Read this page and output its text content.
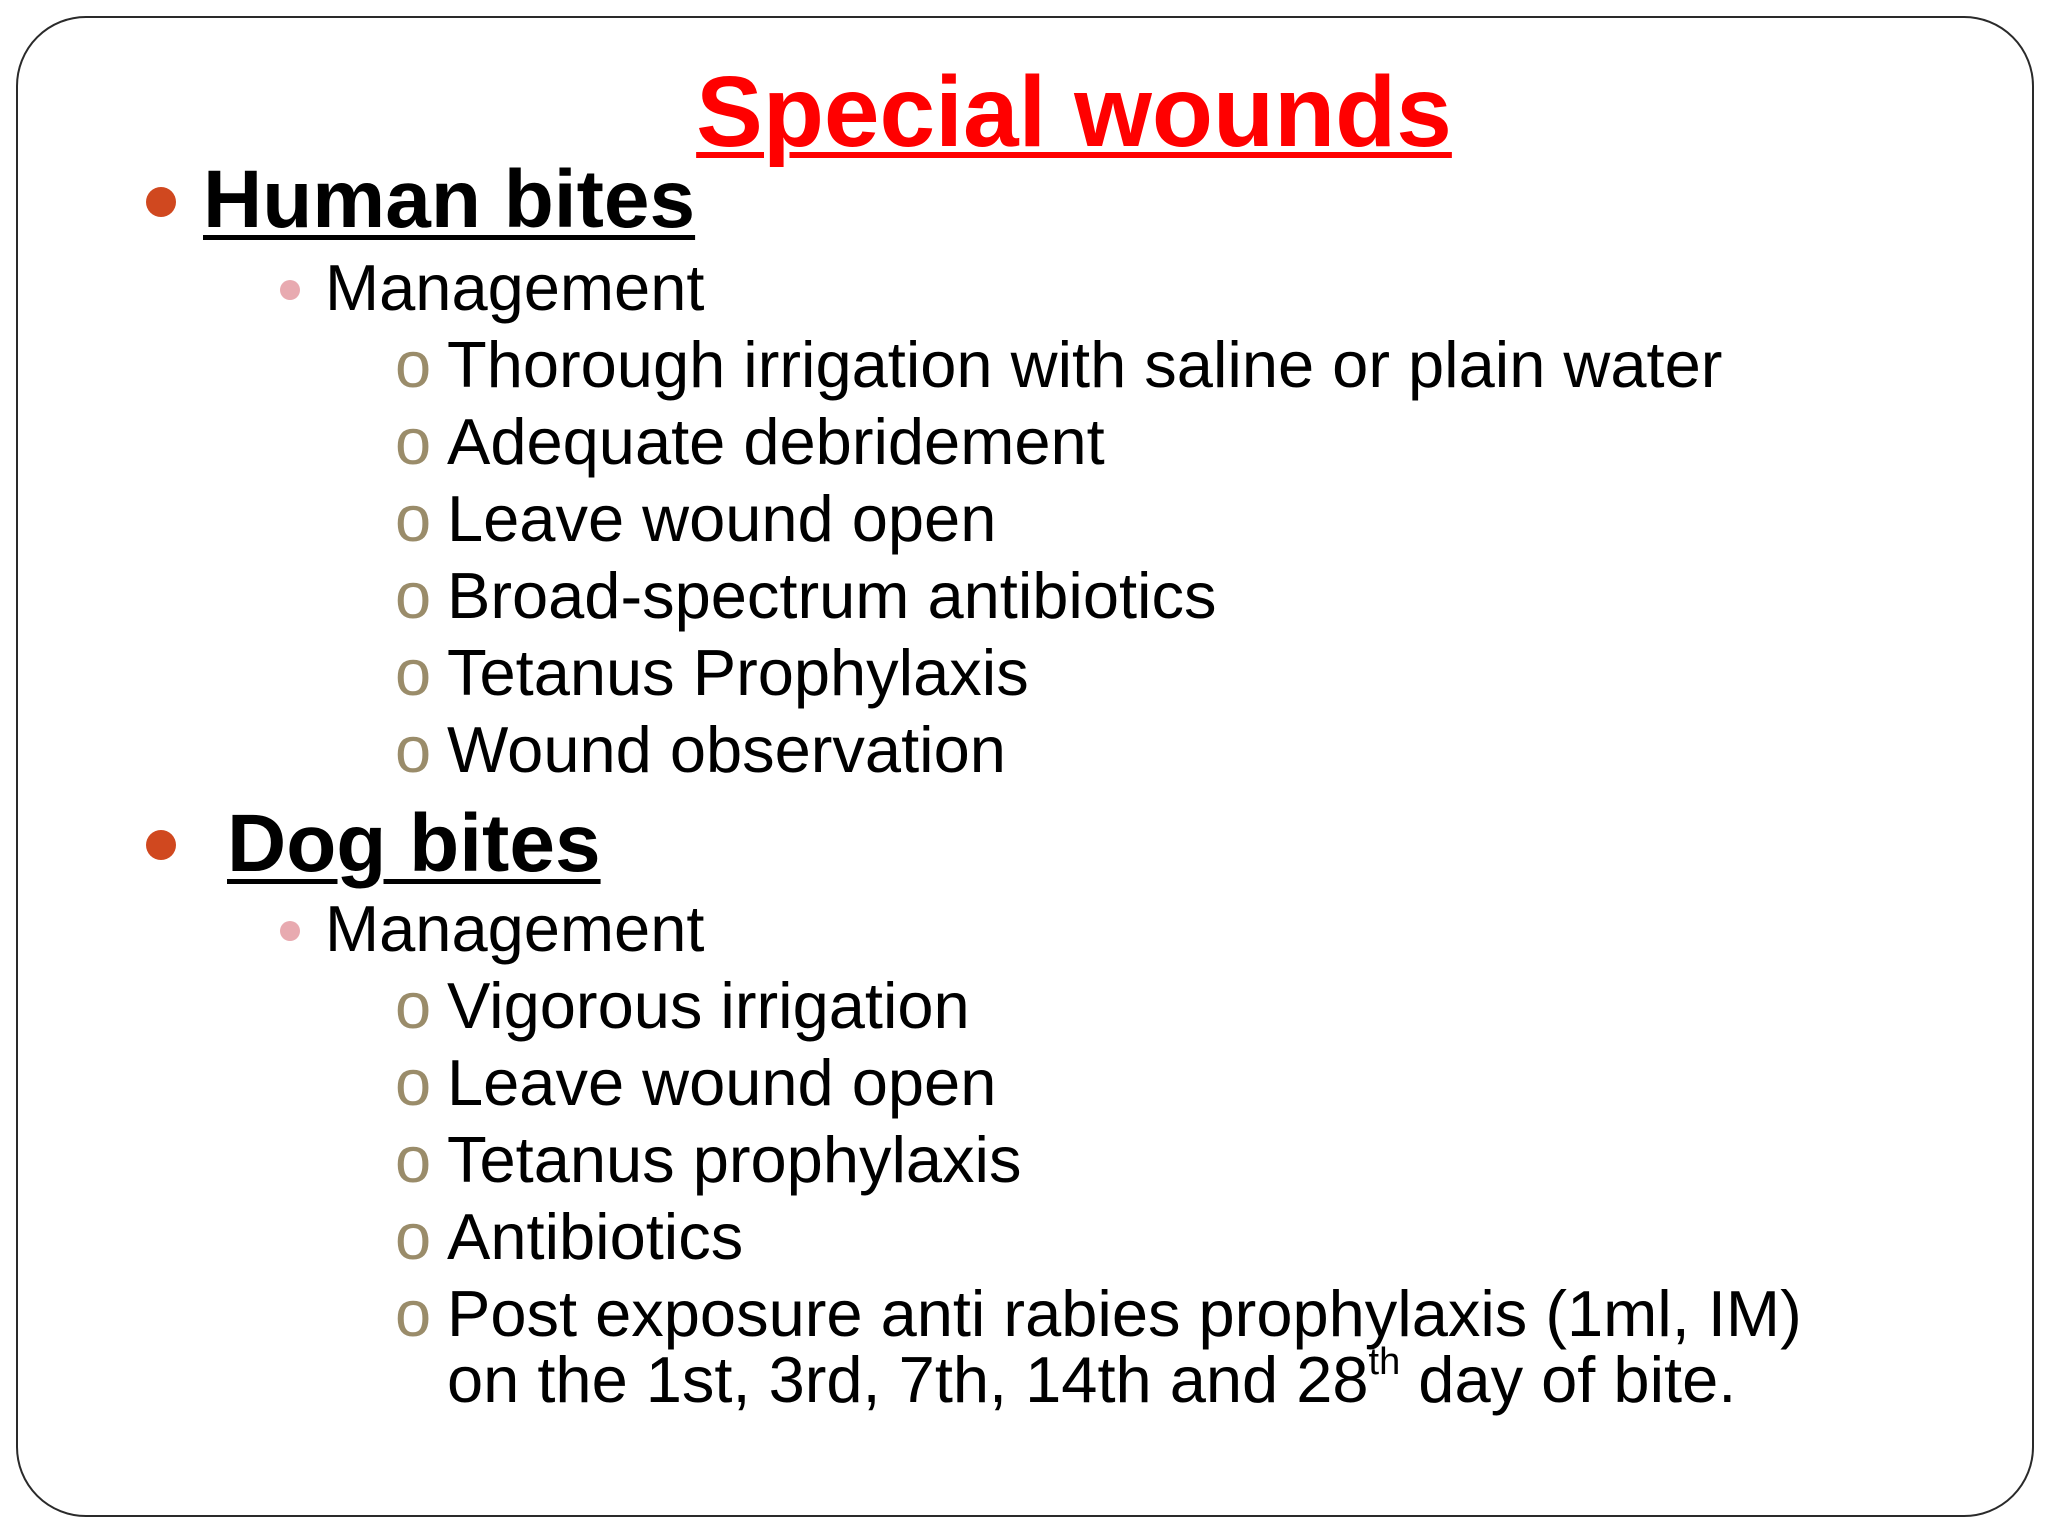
Special wounds
Human bites
Management
o Thorough irrigation with saline or plain water
o Adequate debridement
o Leave wound open
o Broad-spectrum antibiotics
o Tetanus Prophylaxis
o Wound observation
Dog bites
Management
o Vigorous irrigation
o Leave wound open
o Tetanus prophylaxis
o Antibiotics
o Post exposure anti rabies prophylaxis (1ml, IM)
on the 1st, 3rd, 7th, 14th and 28th day of bite.
